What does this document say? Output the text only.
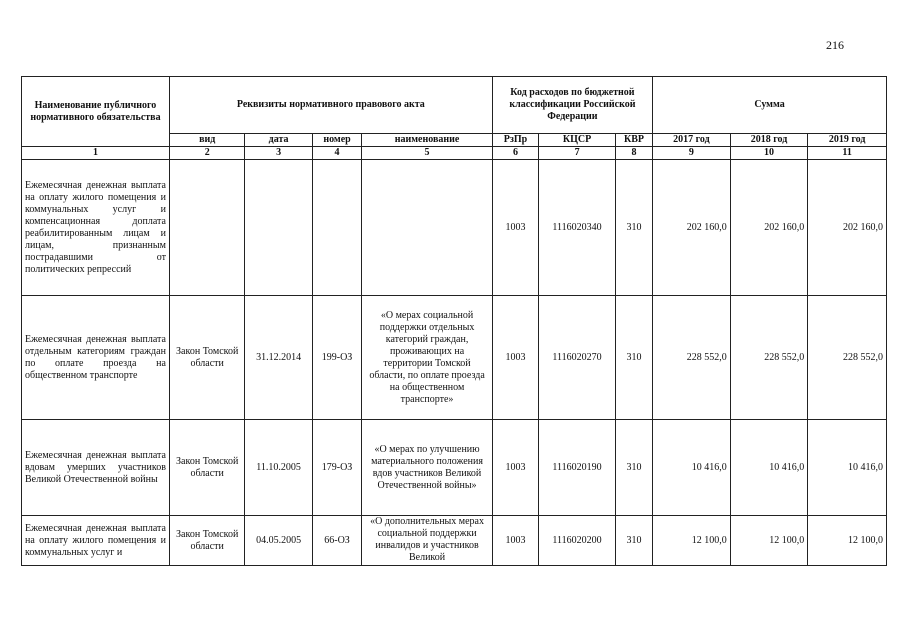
216
Наименование публичного нормативного обязательства	Реквизиты нормативного правового акта				Код расходов по бюджетной классификации Российской Федерации			Сумма		
	вид	дата	номер	наименование	РзПр	КЦСР	КВР	2017 год	2018 год	2019 год
1	2	3	4	5	6	7	8	9	10	11
Ежемесячная денежная выплата на оплату жилого помещения и коммунальных услуг и компенсационная доплата реабилитированным лицам и лицам, признанным пострадавшими от политических репрессий					1003	1116020340	310	202 160,0	202 160,0	202 160,0
Ежемесячная денежная выплата отдельным категориям граждан по оплате проезда на общественном транспорте	Закон Томской области	31.12.2014	199-ОЗ	«О мерах социальной поддержки отдельных категорий граждан, проживающих на территории Томской области, по оплате проезда на общественном транспорте»	1003	1116020270	310	228 552,0	228 552,0	228 552,0
Ежемесячная денежная выплата вдовам умерших участников Великой Отечественной войны	Закон Томской области	11.10.2005	179-ОЗ	«О мерах по улучшению материального положения вдов участников Великой Отечественной войны»	1003	1116020190	310	10 416,0	10 416,0	10 416,0
Ежемесячная денежная выплата на оплату жилого помещения и коммунальных услуг и	Закон Томской области	04.05.2005	66-ОЗ	«О дополнительных мерах социальной поддержки инвалидов и участников Великой	1003	1116020200	310	12 100,0	12 100,0	12 100,0
